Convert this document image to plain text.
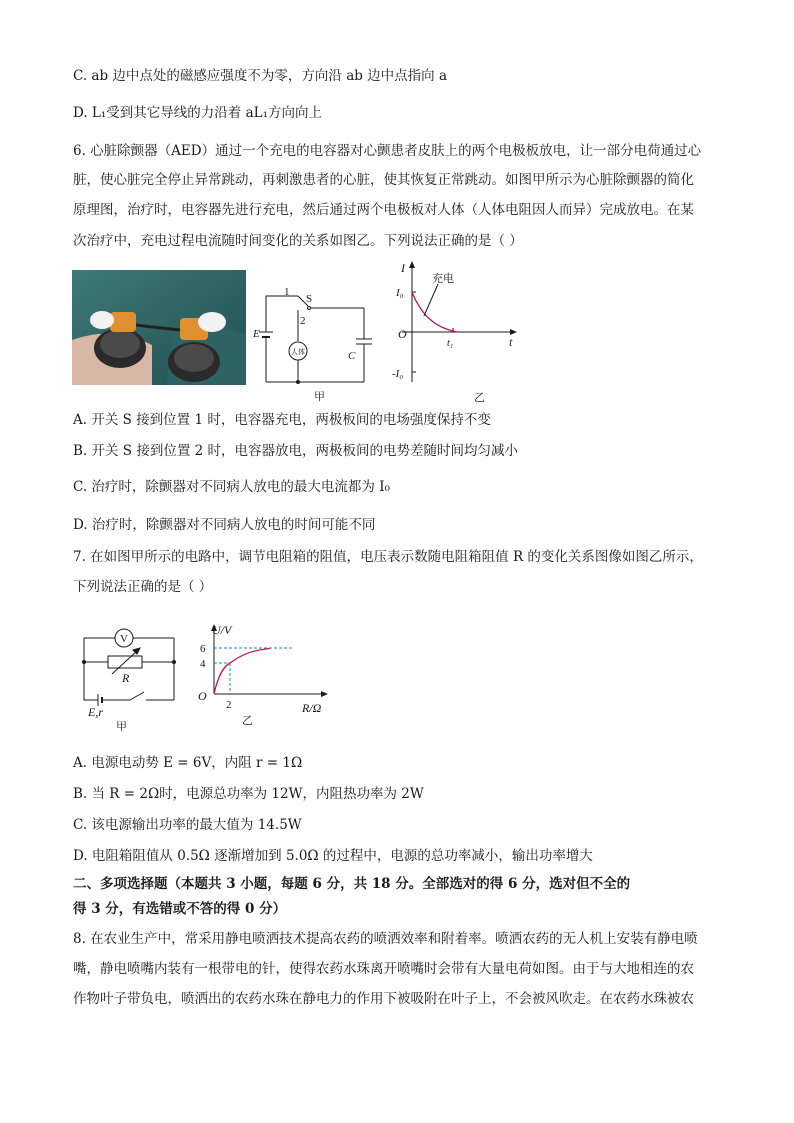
C. ab 边中点处的磁感应强度不为零，方向沿 ab 边中点指向 a
D. L₁受到其它导线的力沿着 aL₁方向向上
6. 心脏除颤器（AED）通过一个充电的电容器对心颤患者皮肤上的两个电极板放电，让一部分电荷通过心
脏，使心脏完全停止异常跳动，再刺激患者的心脏，使其恢复正常跳动。如图甲所示为心脏除颤器的简化
原理图，治疗时，电容器先进行充电，然后通过两个电极板对人体（人体电阻因人而异）完成放电。在某
次治疗中，充电过程电流随时间变化的关系如图乙。下列说法正确的是（ ）
1
S
2
E
C
人体
甲
I
t
O
I₀
-I₀
t₁
充电
乙
A. 开关 S 接到位置 1 时，电容器充电，两极板间的电场强度保持不变
B. 开关 S 接到位置 2 时，电容器放电，两极板间的电势差随时间均匀减小
C. 治疗时，除颤器对不同病人放电的最大电流都为 I₀
D. 治疗时，除颤器对不同病人放电的时间可能不同
7. 在如图甲所示的电路中，调节电阻箱的阻值，电压表示数随电阻箱阻值 R 的变化关系图像如图乙所示，
下列说法正确的是（ ）
V
R
E,r
甲
U/V
R/Ω
O
6
4
2
乙
A. 电源电动势 E = 6V，内阻 r = 1Ω
B. 当 R = 2Ω时，电源总功率为 12W，内阻热功率为 2W
C. 该电源输出功率的最大值为 14.5W
D. 电阻箱阻值从 0.5Ω 逐渐增加到 5.0Ω 的过程中，电源的总功率减小，输出功率增大
二、多项选择题（本题共 3 小题，每题 6 分，共 18 分。全部选对的得 6 分，选对但不全的
得 3 分，有选错或不答的得 0 分）
8. 在农业生产中，常采用静电喷洒技术提高农药的喷洒效率和附着率。喷洒农药的无人机上安装有静电喷
嘴，静电喷嘴内装有一根带电的针，使得农药水珠离开喷嘴时会带有大量电荷如图。由于与大地相连的农
作物叶子带负电，喷洒出的农药水珠在静电力的作用下被吸附在叶子上，不会被风吹走。在农药水珠被农
